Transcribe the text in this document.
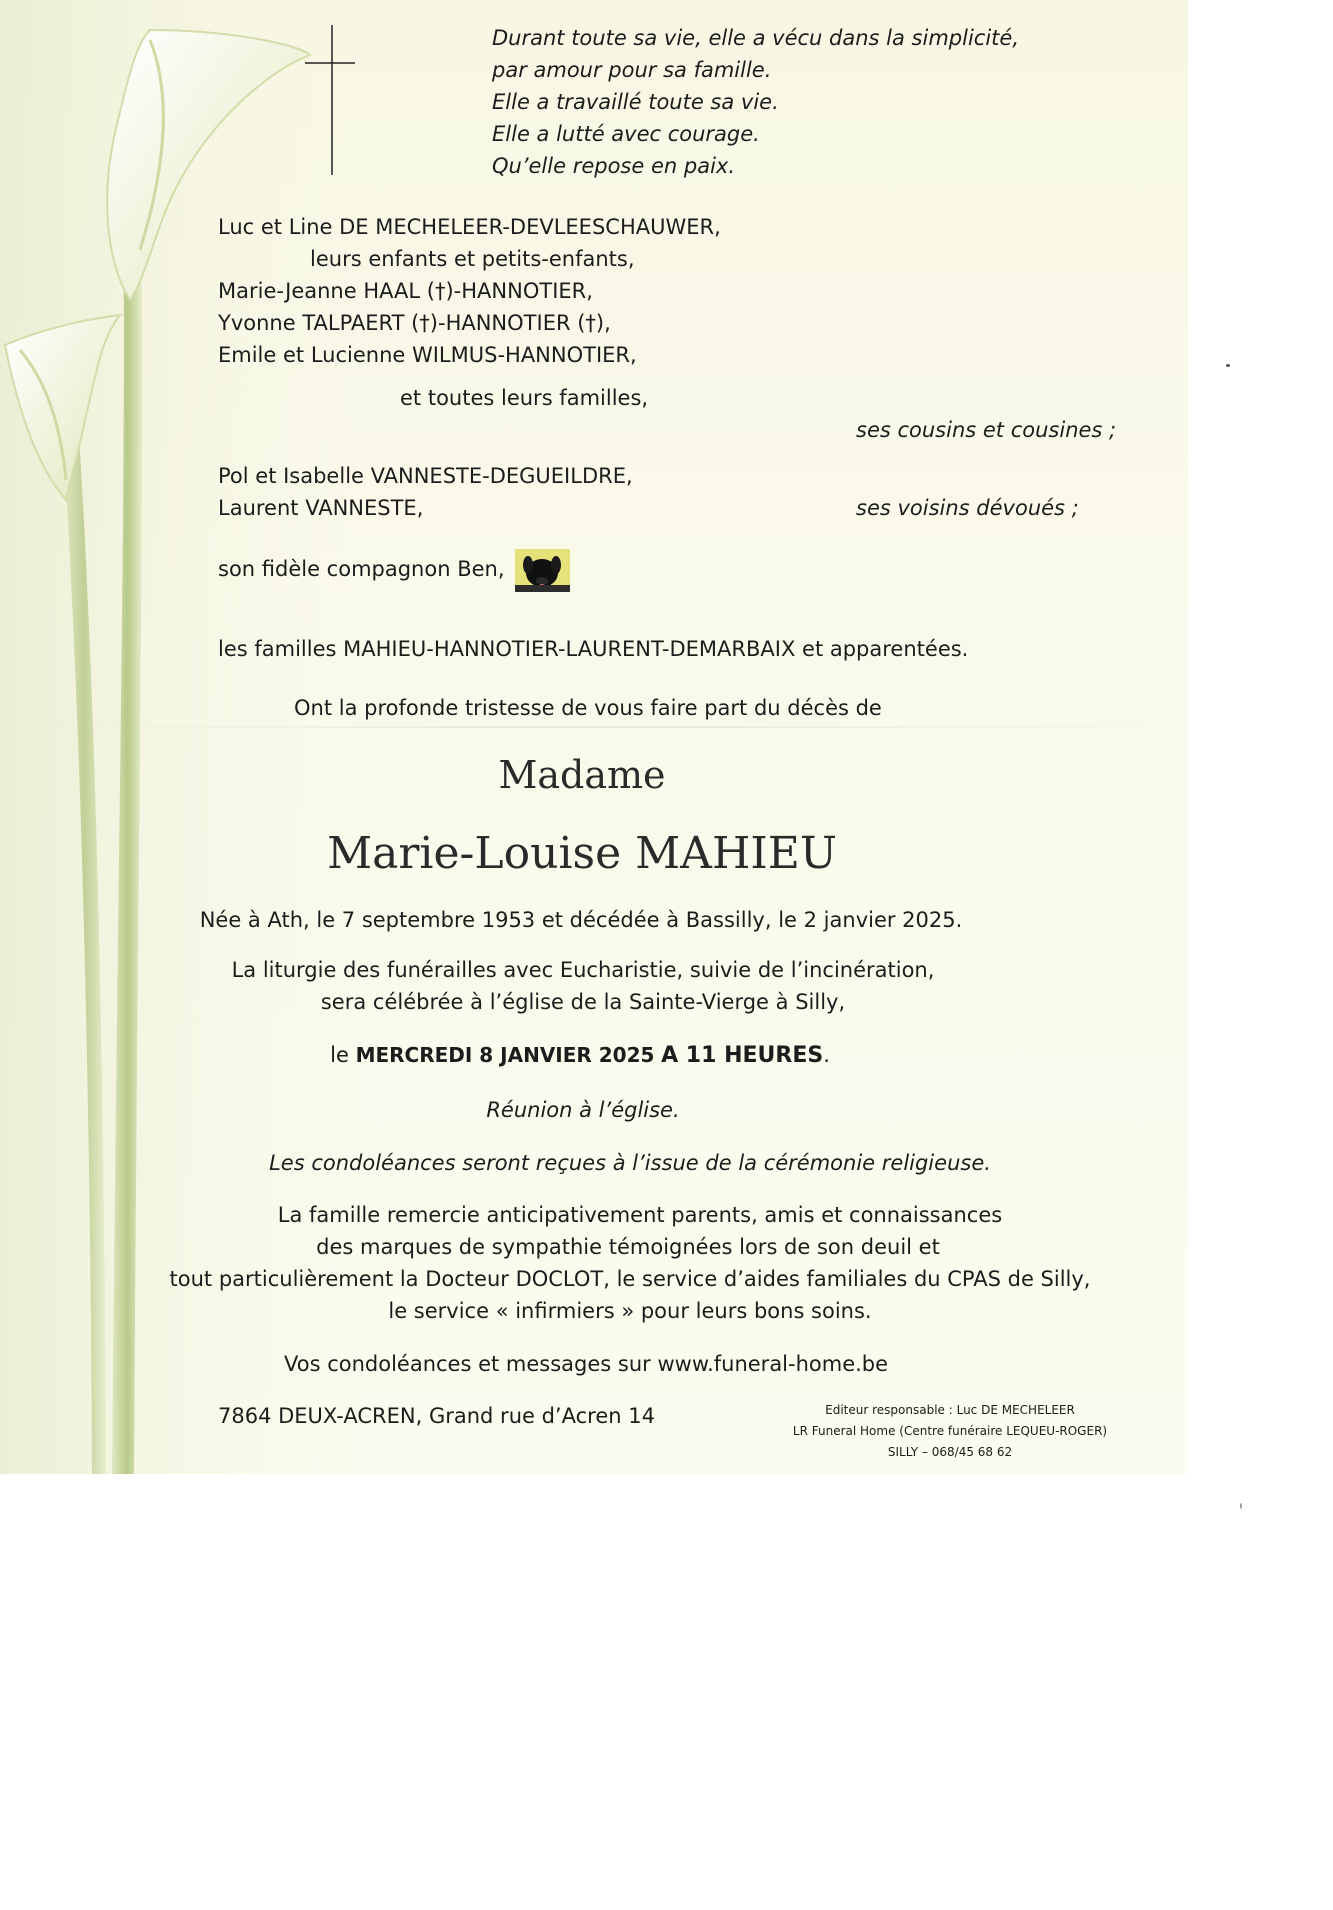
Durant toute sa vie, elle a vécu dans la simplicité,
par amour pour sa famille.
Elle a travaillé toute sa vie.
Elle a lutté avec courage.
Qu’elle repose en paix.
Luc et Line DE MECHELEER-DEVLEESCHAUWER,
leurs enfants et petits-enfants,
Marie-Jeanne HAAL (†)-HANNOTIER,
Yvonne TALPAERT (†)-HANNOTIER (†),
Emile et Lucienne WILMUS-HANNOTIER,
et toutes leurs familles,
ses cousins et cousines ;
Pol et Isabelle VANNESTE-DEGUEILDRE,
Laurent VANNESTE,	ses voisins dévoués ;
son fidèle compagnon Ben,
les familles MAHIEU-HANNOTIER-LAURENT-DEMARBAIX et apparentées.
Ont la profonde tristesse de vous faire part du décès de
Madame
Marie-Louise MAHIEU
Née à Ath, le 7 septembre 1953 et décédée à Bassilly, le 2 janvier 2025.
La liturgie des funérailles avec Eucharistie, suivie de l’incinération,
sera célébrée à l’église de la Sainte-Vierge à Silly,
le MERCREDI 8 JANVIER 2025 A 11 HEURES.
Réunion à l’église.
Les condoléances seront reçues à l’issue de la cérémonie religieuse.
La famille remercie anticipativement parents, amis et connaissances
des marques de sympathie témoignées lors de son deuil et
tout particulièrement la Docteur DOCLOT, le service d’aides familiales du CPAS de Silly,
le service « infirmiers » pour leurs bons soins.
Vos condoléances et messages sur www.funeral-home.be
7864 DEUX-ACREN, Grand rue d’Acren 14	Editeur responsable : Luc DE MECHELEER
LR Funeral Home (Centre funéraire LEQUEU-ROGER)
SILLY – 068/45 68 62
